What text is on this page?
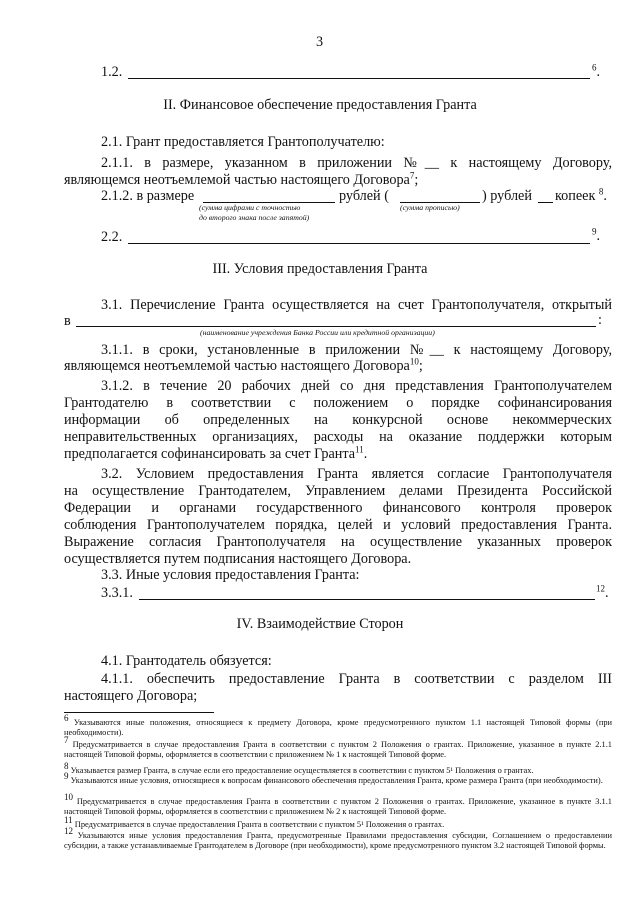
3
1.2.	$^6$.
II. Финансовое обеспечение предоставления Гранта
2.1. Грант предоставляется Грантополучателю:
2.1.1. в размере, указанном в приложении №__ к настоящему Договору,
являющемся неотъемлемой частью настоящего Договора$^7$;
2.1.2. в размере	рублей (	) рублей копеек $^8$.
(сумма цифрами с точностью
до второго знака после запятой)
(сумма прописью)
2.2.	$^9$.
III. Условия предоставления Гранта
3.1. Перечисление Гранта осуществляется на счет Грантополучателя, открытый
в	:
(наименование учреждения Банка России или кредитной организации)
3.1.1. в сроки, установленные в приложении №__ к настоящему Договору,
являющемся неотъемлемой частью настоящего Договора$^{10}$;
3.1.2. в течение 20 рабочих дней со дня представления Грантополучателем
Грантодателю в соответствии с положением о порядке софинансирования
информации об определенных на конкурсной основе некоммерческих
неправительственных организациях, расходы на оказание поддержки которым
предполагается софинансировать за счет Гранта$^{11}$.
3.2. Условием предоставления Гранта является согласие Грантополучателя
на осуществление Грантодателем, Управлением делами Президента Российской
Федерации и органами государственного финансового контроля проверок
соблюдения Грантополучателем порядка, целей и условий предоставления Гранта.
Выражение согласия Грантополучателя на осуществление указанных проверок
осуществляется путем подписания настоящего Договора.
3.3. Иные условия предоставления Гранта:
3.3.1.	$^{12}$.
IV. Взаимодействие Сторон
4.1. Грантодатель обязуется:
4.1.1. обеспечить предоставление Гранта в соответствии с разделом III
настоящего Договора;
6 Указываются иные положения, относящиеся к предмету Договора, кроме предусмотренного пунктом 1.1 настоящей Типовой формы (при необходимости).
7 Предусматривается в случае предоставления Гранта в соответствии с пунктом 2 Положения о грантах. Приложение, указанное в пункте 2.1.1 настоящей Типовой формы, оформляется в соответствии с приложением № 1 к настоящей Типовой форме.
8 Указывается размер Гранта, в случае если его предоставление осуществляется в соответствии с пунктом 5¹ Положения о грантах.
9 Указываются иные условия, относящиеся к вопросам финансового обеспечения предоставления Гранта, кроме размера Гранта (при необходимости).
10 Предусматривается в случае предоставления Гранта в соответствии с пунктом 2 Положения о грантах. Приложение, указанное в пункте 3.1.1 настоящей Типовой формы, оформляется в соответствии с приложением № 2 к настоящей Типовой форме.
11 Предусматривается в случае предоставления Гранта в соответствии с пунктом 5¹ Положения о грантах.
12 Указываются иные условия предоставления Гранта, предусмотренные Правилами предоставления субсидии, Соглашением о предоставлении субсидии, а также устанавливаемые Грантодателем в Договоре (при необходимости), кроме предусмотренного пунктом 3.2 настоящей Типовой формы.
